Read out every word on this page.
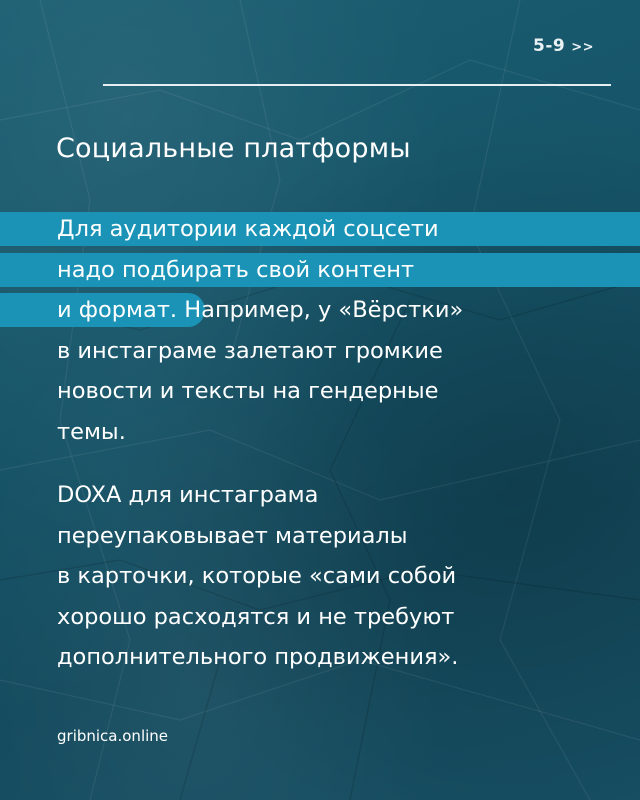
5-9 >>
Социальные платформы

Для аудитории каждой соцсети
надо подбирать свой контент
и формат. Например, у «Вёрстки»
в инстаграме залетают громкие
новости и тексты на гендерные
темы.

DOXA для инстаграма
переупаковывает материалы
в карточки, которые «сами собой
хорошо расходятся и не требуют
дополнительного продвижения».

gribnica.online
